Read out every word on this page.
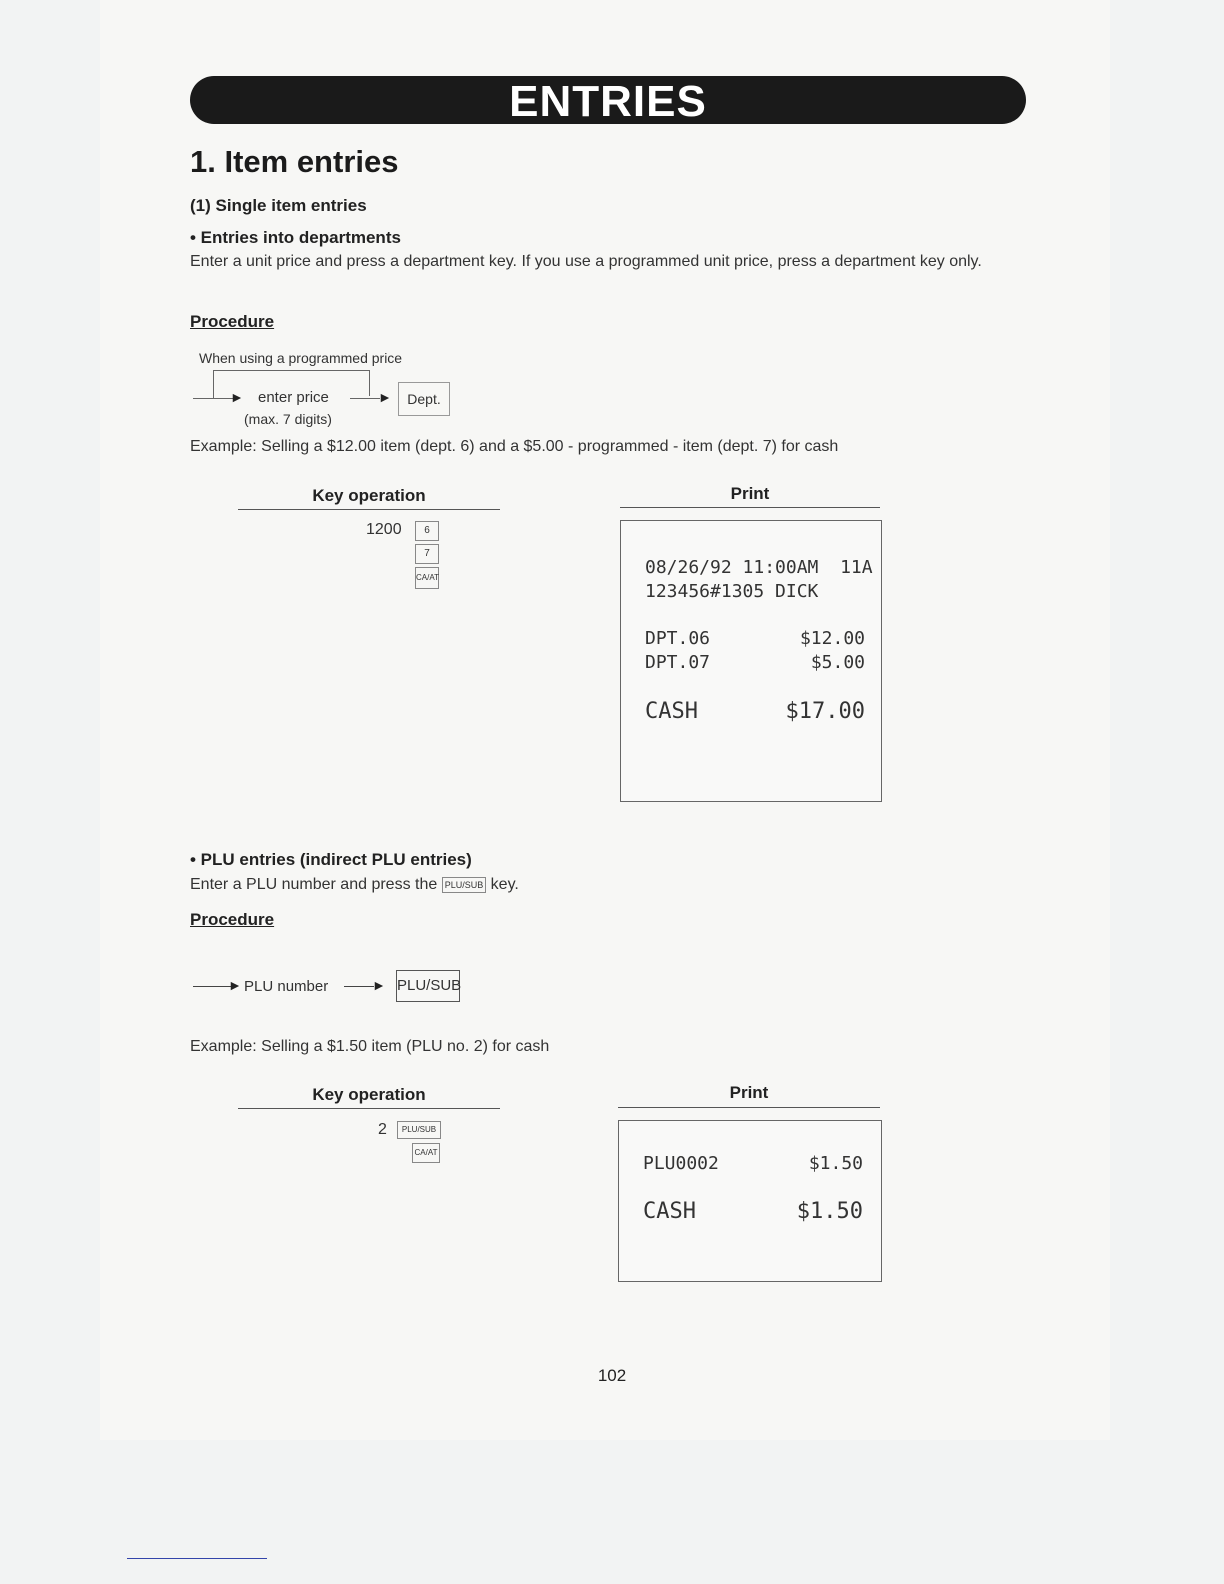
ENTRIES
1. Item entries
(1) Single item entries
• Entries into departments
Enter a unit price and press a department key. If you use a programmed unit price, press a department key only.
Procedure
When using a programmed price
► enter price	►
(max. 7 digits)
Dept.
Example: Selling a $12.00 item (dept. 6) and a $5.00 - programmed - item (dept. 7) for cash
Key operation	Print
1200	6
7
CA/AT	08/26/92 11:00AM  11A
123456#1305 DICK
DPT.06	$12.00
DPT.07	$5.00
CASH	$17.00
• PLU entries (indirect PLU entries)
Enter a PLU number and press the PLU/SUB key.
Procedure
► PLU number	► PLU/SUB
Example: Selling a $1.50 item (PLU no. 2) for cash
Key operation	Print
2	PLU/SUB
CA/AT
PLU0002	$1.50
CASH	$1.50
102
